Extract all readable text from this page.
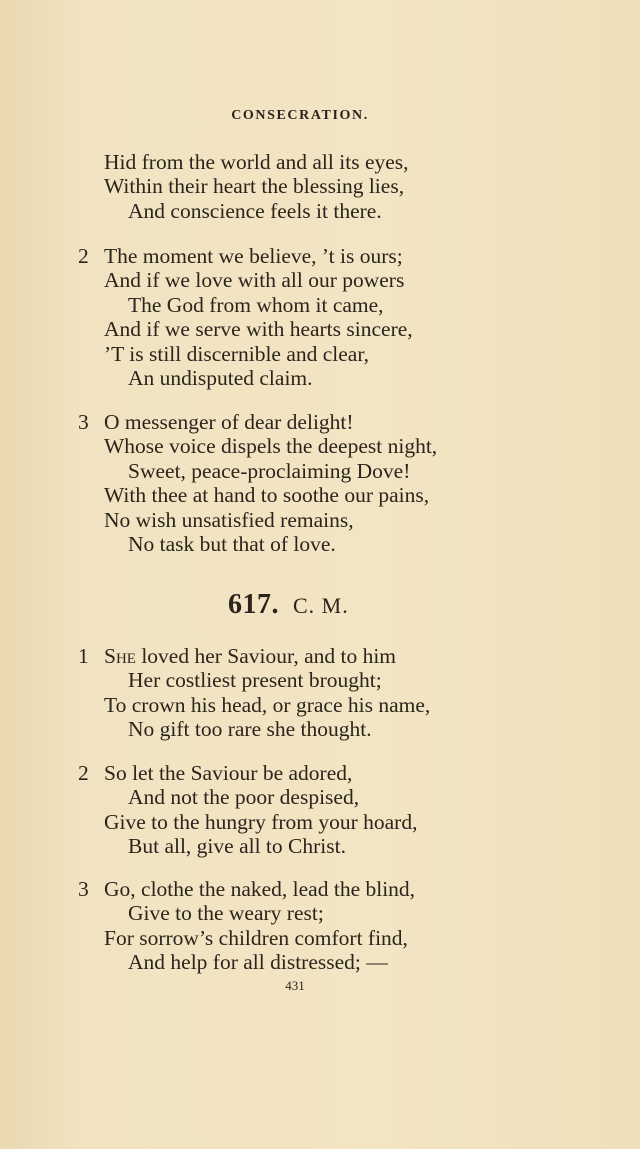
CONSECRATION.
Hid from the world and all its eyes,
Within their heart the blessing lies,
And conscience feels it there.
2 The moment we believe, ’t is ours;
And if we love with all our powers
The God from whom it came,
And if we serve with hearts sincere,
’T is still discernible and clear,
An undisputed claim.
3 O messenger of dear delight!
Whose voice dispels the deepest night,
Sweet, peace-proclaiming Dove!
With thee at hand to soothe our pains,
No wish unsatisfied remains,
No task but that of love.
617. C. M.
1 She loved her Saviour, and to him
Her costliest present brought;
To crown his head, or grace his name,
No gift too rare she thought.
2 So let the Saviour be adored,
And not the poor despised,
Give to the hungry from your hoard,
But all, give all to Christ.
3 Go, clothe the naked, lead the blind,
Give to the weary rest;
For sorrow’s children comfort find,
And help for all distressed; —
431
